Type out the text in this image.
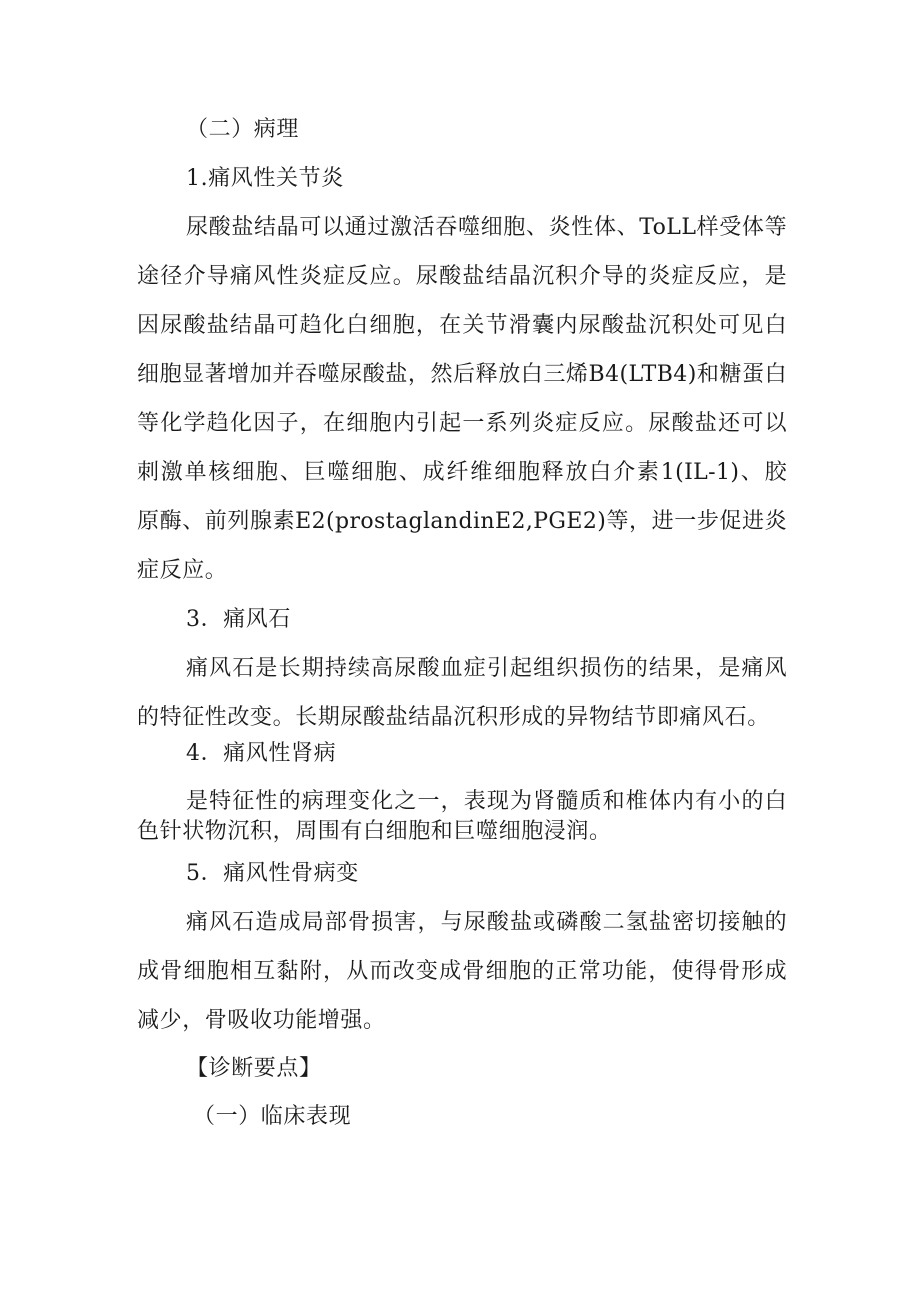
（二）病理
1.痛风性关节炎
尿酸盐结晶可以通过激活吞噬细胞、炎性体、ToLL样受体等
途径介导痛风性炎症反应。尿酸盐结晶沉积介导的炎症反应，是
因尿酸盐结晶可趋化白细胞，在关节滑囊内尿酸盐沉积处可见白
细胞显著增加并吞噬尿酸盐，然后释放白三烯B4(LTB4)和糖蛋白
等化学趋化因子，在细胞内引起一系列炎症反应。尿酸盐还可以
刺激单核细胞、巨噬细胞、成纤维细胞释放白介素1(IL-1)、胶
原酶、前列腺素E2(prostaglandinE2,PGE2)等，进一步促进炎
症反应。
3．痛风石
痛风石是长期持续高尿酸血症引起组织损伤的结果，是痛风
的特征性改变。长期尿酸盐结晶沉积形成的异物结节即痛风石。
4．痛风性肾病
是特征性的病理变化之一，表现为肾髓质和椎体内有小的白
色针状物沉积，周围有白细胞和巨噬细胞浸润。
5．痛风性骨病变
痛风石造成局部骨损害，与尿酸盐或磷酸二氢盐密切接触的
成骨细胞相互黏附，从而改变成骨细胞的正常功能，使得骨形成
减少，骨吸收功能增强。
【诊断要点】
（一）临床表现
